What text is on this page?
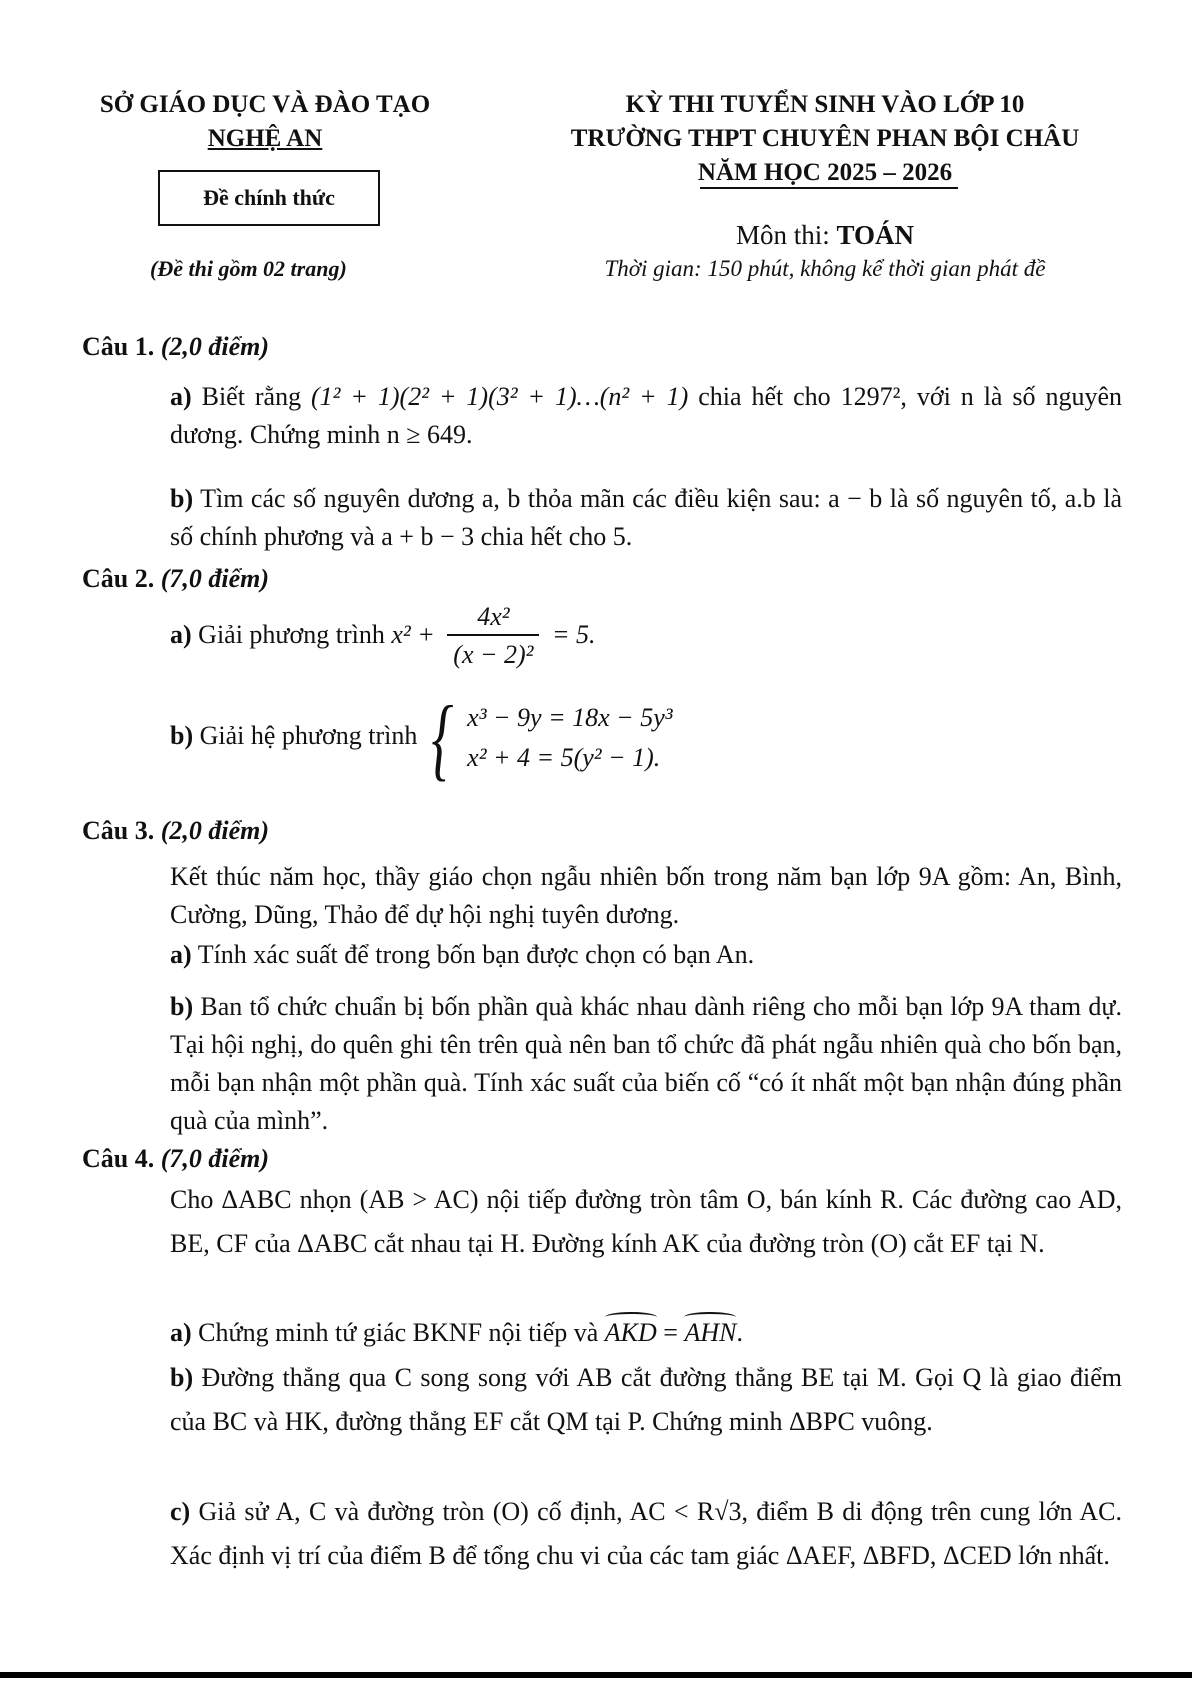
SỞ GIÁO DỤC VÀ ĐÀO TẠO
NGHỆ AN
Đề chính thức
(Đề thi gồm 02 trang)
KỲ THI TUYỂN SINH VÀO LỚP 10
TRƯỜNG THPT CHUYÊN PHAN BỘI CHÂU
NĂM HỌC 2025 – 2026
Môn thi: TOÁN
Thời gian: 150 phút, không kể thời gian phát đề
Câu 1. (2,0 điểm)
a) Biết rằng (1² + 1)(2² + 1)(3² + 1)…(n² + 1) chia hết cho 1297², với n là số nguyên dương. Chứng minh n ≥ 649.
b) Tìm các số nguyên dương a, b thỏa mãn các điều kiện sau: a − b là số nguyên tố, a.b là số chính phương và a + b − 3 chia hết cho 5.
Câu 2. (7,0 điểm)
a) Giải phương trình $x^2 + \frac{\text{4x²}}{\text{(x − 2)²}} = 5$.
b) Giải hệ phương trình { x³ − 9y = 18x − 5y³
x² + 4 = 5(y² − 1).
Câu 3. (2,0 điểm)
Kết thúc năm học, thầy giáo chọn ngẫu nhiên bốn trong năm bạn lớp 9A gồm: An, Bình, Cường, Dũng, Thảo để dự hội nghị tuyên dương.
a) Tính xác suất để trong bốn bạn được chọn có bạn An.
b) Ban tổ chức chuẩn bị bốn phần quà khác nhau dành riêng cho mỗi bạn lớp 9A tham dự. Tại hội nghị, do quên ghi tên trên quà nên ban tổ chức đã phát ngẫu nhiên quà cho bốn bạn, mỗi bạn nhận một phần quà. Tính xác suất của biến cố “có ít nhất một bạn nhận đúng phần quà của mình”.
Câu 4. (7,0 điểm)
Cho ΔABC nhọn (AB > AC) nội tiếp đường tròn tâm O, bán kính R. Các đường cao AD, BE, CF của ΔABC cắt nhau tại H. Đường kính AK của đường tròn (O) cắt EF tại N.
a) Chứng minh tứ giác BKNF nội tiếp và AKD = AHN.
b) Đường thẳng qua C song song với AB cắt đường thẳng BE tại M. Gọi Q là giao điểm của BC và HK, đường thẳng EF cắt QM tại P. Chứng minh ΔBPC vuông.
c) Giả sử A, C và đường tròn (O) cố định, AC < R√3, điểm B di động trên cung lớn AC. Xác định vị trí của điểm B để tổng chu vi của các tam giác ΔAEF, ΔBFD, ΔCED lớn nhất.
